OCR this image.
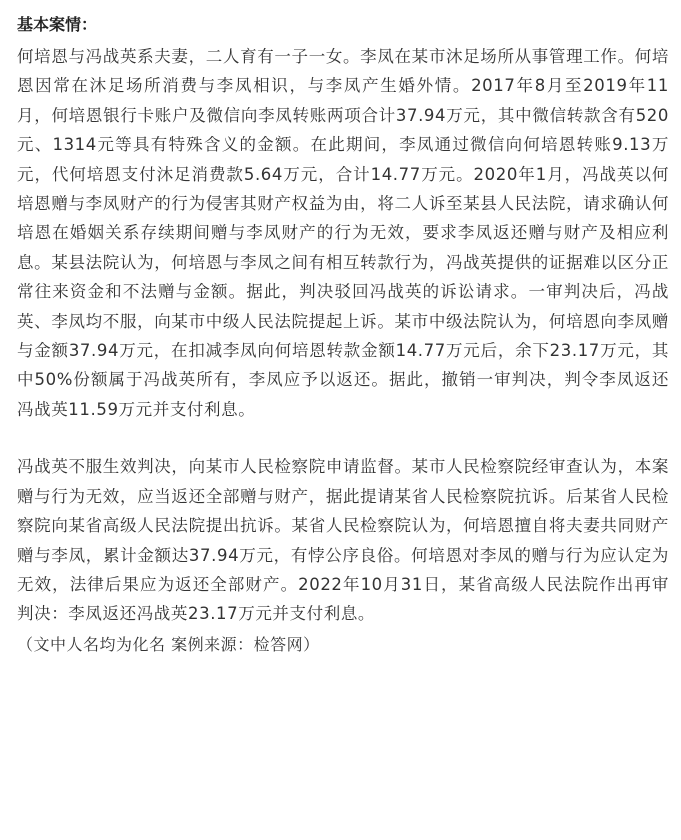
基本案情：

何培恩与冯战英系夫妻，二人育有一子一女。李凤在某市沐足场所从事管理工作。何培恩因常在沐足场所消费与李凤相识，与李凤产生婚外情。2017年8月至2019年11月，何培恩银行卡账户及微信向李凤转账两项合计37.94万元，其中微信转款含有520元、1314元等具有特殊含义的金额。在此期间，李凤通过微信向何培恩转账9.13万元，代何培恩支付沐足消费款5.64万元，合计14.77万元。2020年1月，冯战英以何培恩赠与李凤财产的行为侵害其财产权益为由，将二人诉至某县人民法院，请求确认何培恩在婚姻关系存续期间赠与李凤财产的行为无效，要求李凤返还赠与财产及相应利息。某县法院认为，何培恩与李凤之间有相互转款行为，冯战英提供的证据难以区分正常往来资金和不法赠与金额。据此，判决驳回冯战英的诉讼请求。一审判决后，冯战英、李凤均不服，向某市中级人民法院提起上诉。某市中级法院认为，何培恩向李凤赠与金额37.94万元，在扣减李凤向何培恩转款金额14.77万元后，余下23.17万元，其中50%份额属于冯战英所有，李凤应予以返还。据此，撤销一审判决，判令李凤返还冯战英11.59万元并支付利息。

冯战英不服生效判决，向某市人民检察院申请监督。某市人民检察院经审查认为，本案赠与行为无效，应当返还全部赠与财产，据此提请某省人民检察院抗诉。后某省人民检察院向某省高级人民法院提出抗诉。某省人民检察院认为，何培恩擅自将夫妻共同财产赠与李凤，累计金额达37.94万元，有悖公序良俗。何培恩对李凤的赠与行为应认定为无效，法律后果应为返还全部财产。2022年10月31日，某省高级人民法院作出再审判决：李凤返还冯战英23.17万元并支付利息。

（文中人名均为化名 案例来源：检答网）
